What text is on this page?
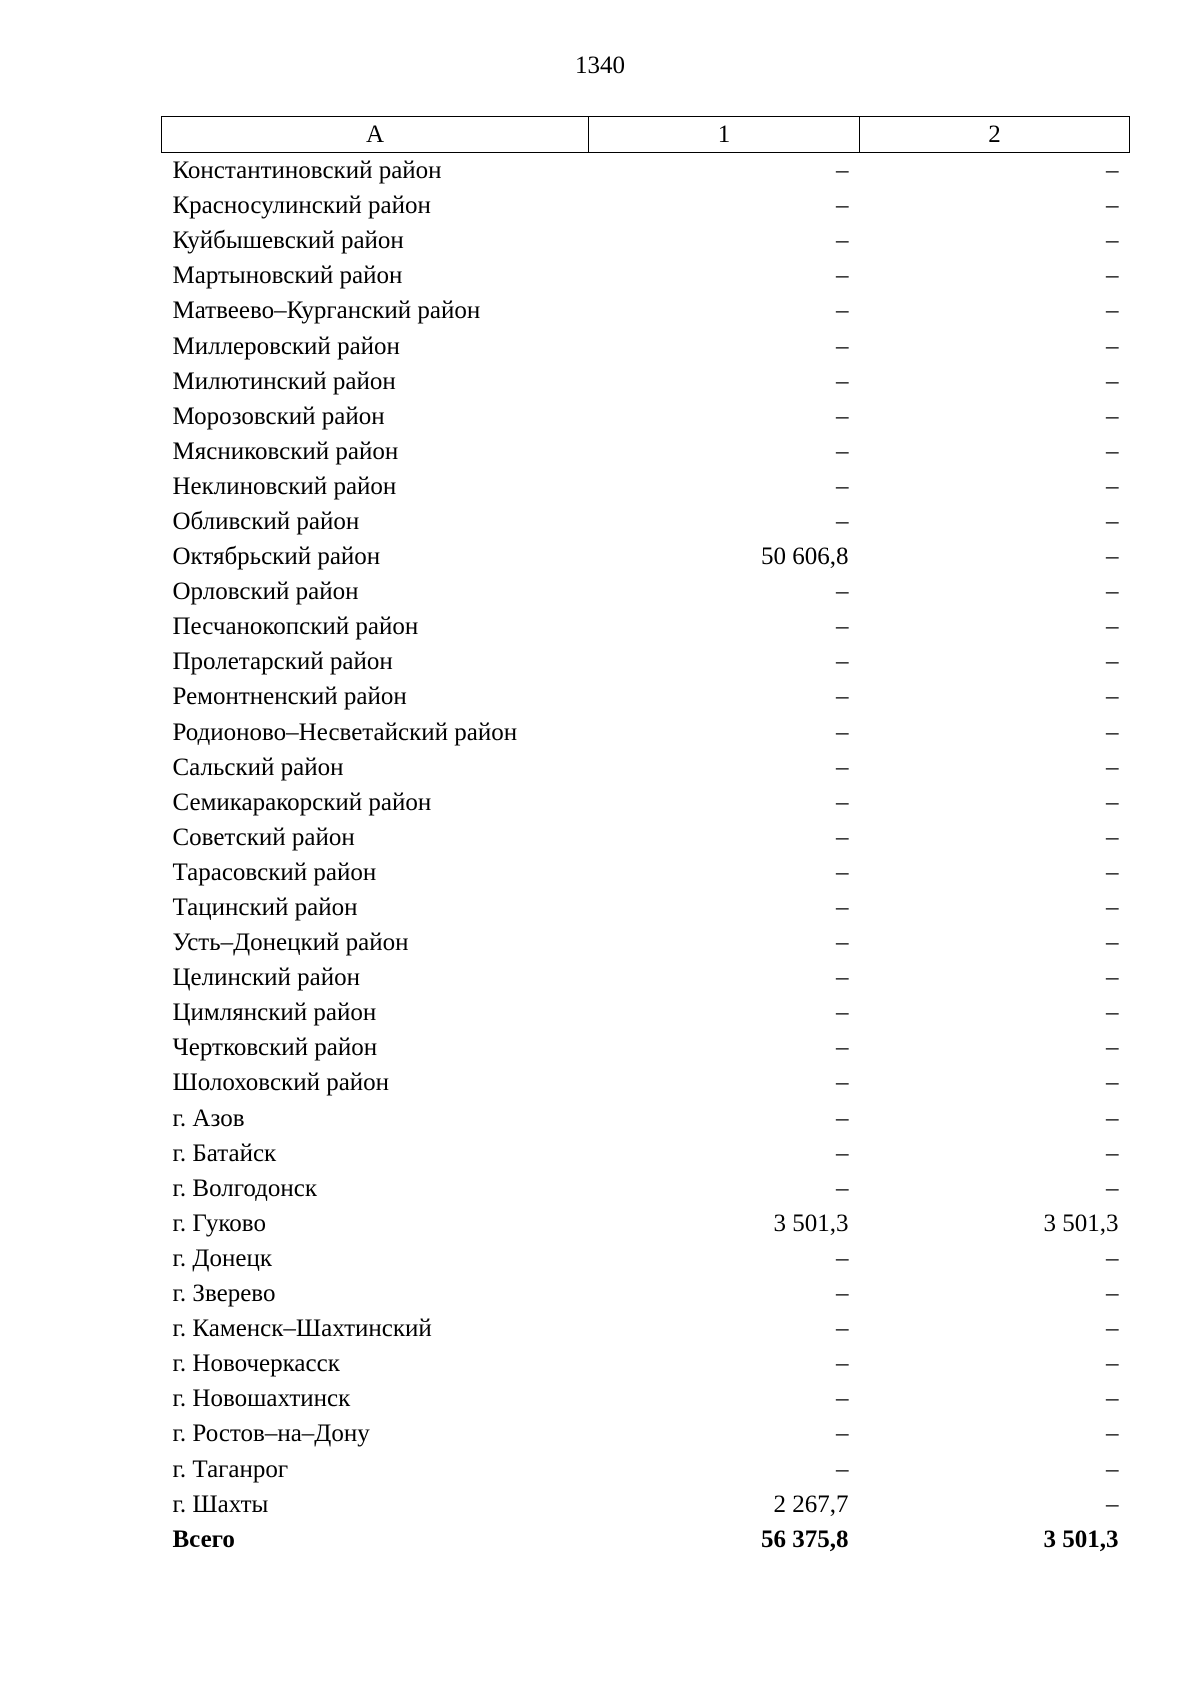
1340
А	1	2
Константиновский район	–	–
Красносулинский район	–	–
Куйбышевский район	–	–
Мартыновский район	–	–
Матвеево–Курганский район	–	–
Миллеровский район	–	–
Милютинский район	–	–
Морозовский район	–	–
Мясниковский район	–	–
Неклиновский район	–	–
Обливский район	–	–
Октябрьский район	50 606,8	–
Орловский район	–	–
Песчанокопский район	–	–
Пролетарский район	–	–
Ремонтненский район	–	–
Родионово–Несветайский район	–	–
Сальский район	–	–
Семикаракорский район	–	–
Советский район	–	–
Тарасовский район	–	–
Тацинский район	–	–
Усть–Донецкий район	–	–
Целинский район	–	–
Цимлянский район	–	–
Чертковский район	–	–
Шолоховский район	–	–
г. Азов	–	–
г. Батайск	–	–
г. Волгодонск	–	–
г. Гуково	3 501,3	3 501,3
г. Донецк	–	–
г. Зверево	–	–
г. Каменск–Шахтинский	–	–
г. Новочеркасск	–	–
г. Новошахтинск	–	–
г. Ростов–на–Дону	–	–
г. Таганрог	–	–
г. Шахты	2 267,7	–
Всего	56 375,8	3 501,3
